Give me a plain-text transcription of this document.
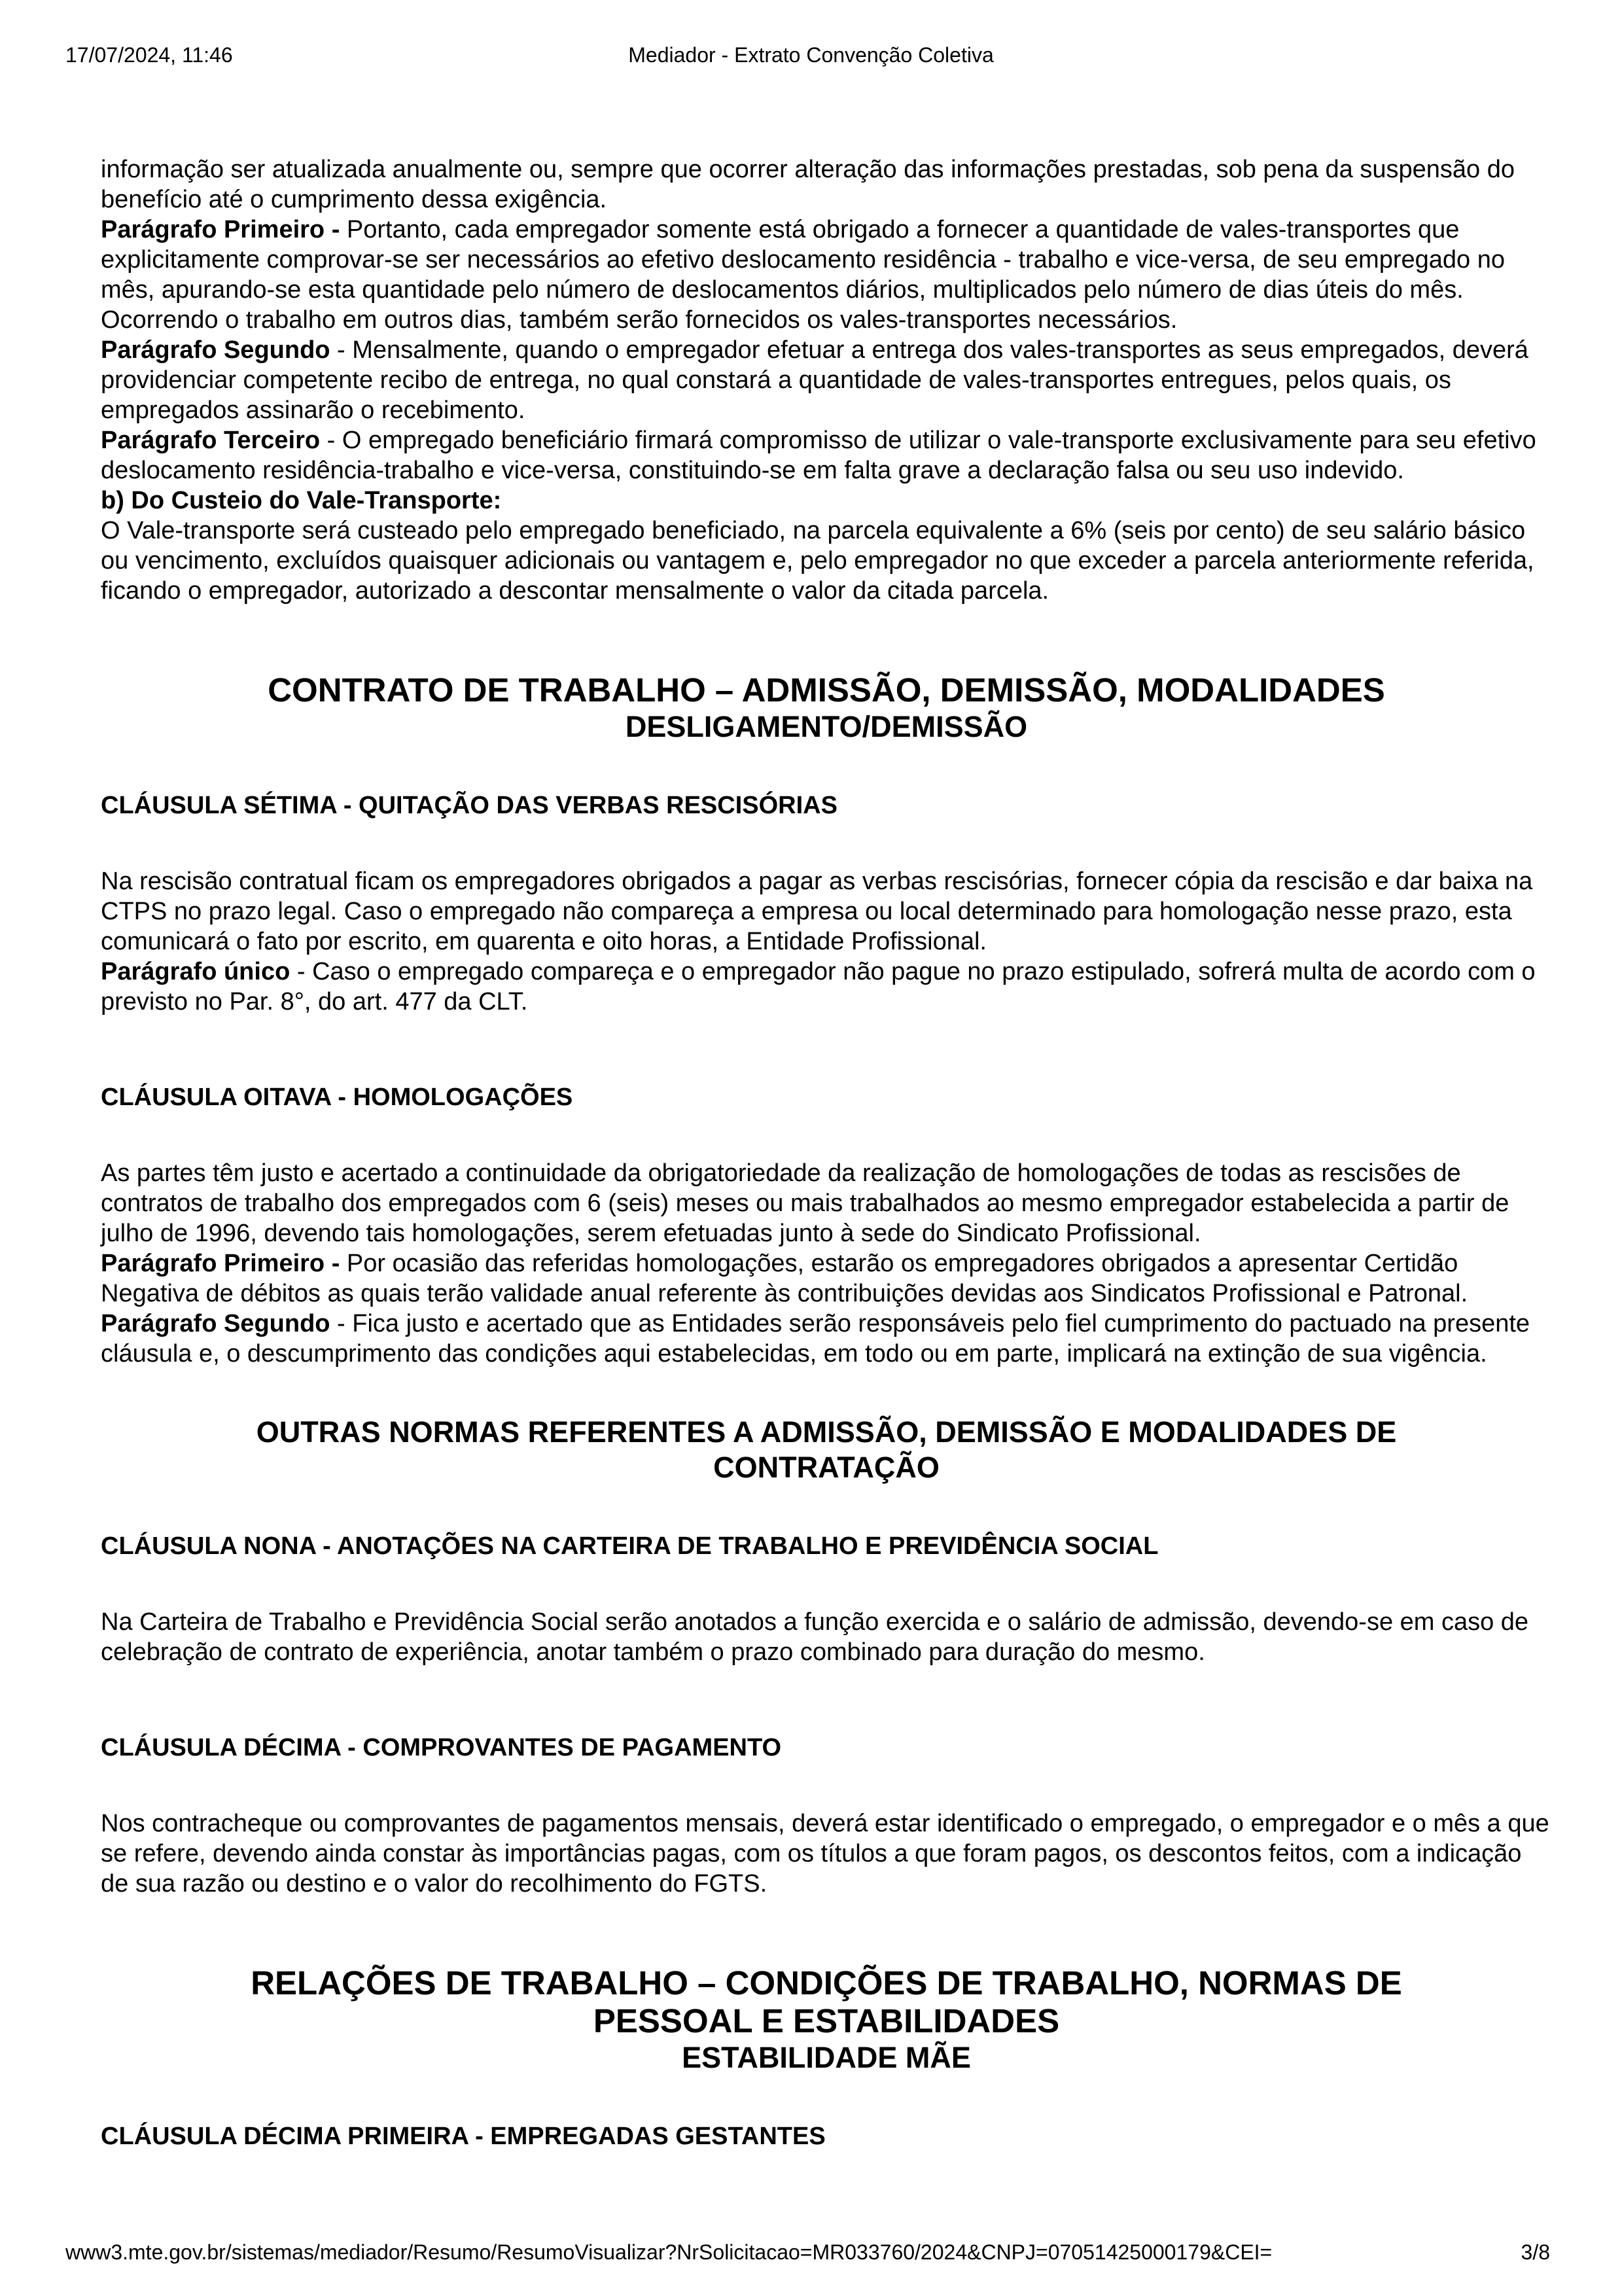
17/07/2024, 11:46	Mediador - Extrato Convenção Coletiva

informação ser atualizada anualmente ou, sempre que ocorrer alteração das informações prestadas, sob pena da suspensão do benefício até o cumprimento dessa exigência.

Parágrafo Primeiro - Portanto, cada empregador somente está obrigado a fornecer a quantidade de vales-transportes que explicitamente comprovar-se ser necessários ao efetivo deslocamento residência - trabalho e vice-versa, de seu empregado no mês, apurando-se esta quantidade pelo número de deslocamentos diários, multiplicados pelo número de dias úteis do mês. Ocorrendo o trabalho em outros dias, também serão fornecidos os vales-transportes necessários.

Parágrafo Segundo - Mensalmente, quando o empregador efetuar a entrega dos vales-transportes as seus empregados, deverá providenciar competente recibo de entrega, no qual constará a quantidade de vales-transportes entregues, pelos quais, os empregados assinarão o recebimento.

Parágrafo Terceiro - O empregado beneficiário firmará compromisso de utilizar o vale-transporte exclusivamente para seu efetivo deslocamento residência-trabalho e vice-versa, constituindo-se em falta grave a declaração falsa ou seu uso indevido.

b) Do Custeio do Vale-Transporte:

O Vale-transporte será custeado pelo empregado beneficiado, na parcela equivalente a 6% (seis por cento) de seu salário básico ou vencimento, excluídos quaisquer adicionais ou vantagem e, pelo empregador no que exceder a parcela anteriormente referida, ficando o empregador, autorizado a descontar mensalmente o valor da citada parcela.

CONTRATO DE TRABALHO – ADMISSÃO, DEMISSÃO, MODALIDADES
DESLIGAMENTO/DEMISSÃO
CLÁUSULA SÉTIMA - QUITAÇÃO DAS VERBAS RESCISÓRIAS

Na rescisão contratual ficam os empregadores obrigados a pagar as verbas rescisórias, fornecer cópia da rescisão e dar baixa na CTPS no prazo legal. Caso o empregado não compareça a empresa ou local determinado para homologação nesse prazo, esta comunicará o fato por escrito, em quarenta e oito horas, a Entidade Profissional.

Parágrafo único - Caso o empregado compareça e o empregador não pague no prazo estipulado, sofrerá multa de acordo com o previsto no Par. 8°, do art. 477 da CLT.

CLÁUSULA OITAVA - HOMOLOGAÇÕES

As partes têm justo e acertado a continuidade da obrigatoriedade da realização de homologações de todas as rescisões de contratos de trabalho dos empregados com 6 (seis) meses ou mais trabalhados ao mesmo empregador estabelecida a partir de julho de 1996, devendo tais homologações, serem efetuadas junto à sede do Sindicato Profissional.

Parágrafo Primeiro - Por ocasião das referidas homologações, estarão os empregadores obrigados a apresentar Certidão Negativa de débitos as quais terão validade anual referente às contribuições devidas aos Sindicatos Profissional e Patronal.

Parágrafo Segundo - Fica justo e acertado que as Entidades serão responsáveis pelo fiel cumprimento do pactuado na presente cláusula e, o descumprimento das condições aqui estabelecidas, em todo ou em parte, implicará na extinção de sua vigência.

OUTRAS NORMAS REFERENTES A ADMISSÃO, DEMISSÃO E MODALIDADES DE CONTRATAÇÃO
CLÁUSULA NONA - ANOTAÇÕES NA CARTEIRA DE TRABALHO E PREVIDÊNCIA SOCIAL

Na Carteira de Trabalho e Previdência Social serão anotados a função exercida e o salário de admissão, devendo-se em caso de celebração de contrato de experiência, anotar também o prazo combinado para duração do mesmo.

CLÁUSULA DÉCIMA - COMPROVANTES DE PAGAMENTO

Nos contracheque ou comprovantes de pagamentos mensais, deverá estar identificado o empregado, o empregador e o mês a que se refere, devendo ainda constar às importâncias pagas, com os títulos a que foram pagos, os descontos feitos, com a indicação de sua razão ou destino e o valor do recolhimento do FGTS.

RELAÇÕES DE TRABALHO – CONDIÇÕES DE TRABALHO, NORMAS DE PESSOAL E ESTABILIDADES
ESTABILIDADE MÃE
CLÁUSULA DÉCIMA PRIMEIRA - EMPREGADAS GESTANTES
www3.mte.gov.br/sistemas/mediador/Resumo/ResumoVisualizar?NrSolicitacao=MR033760/2024&CNPJ=07051425000179&CEI=	3/8
